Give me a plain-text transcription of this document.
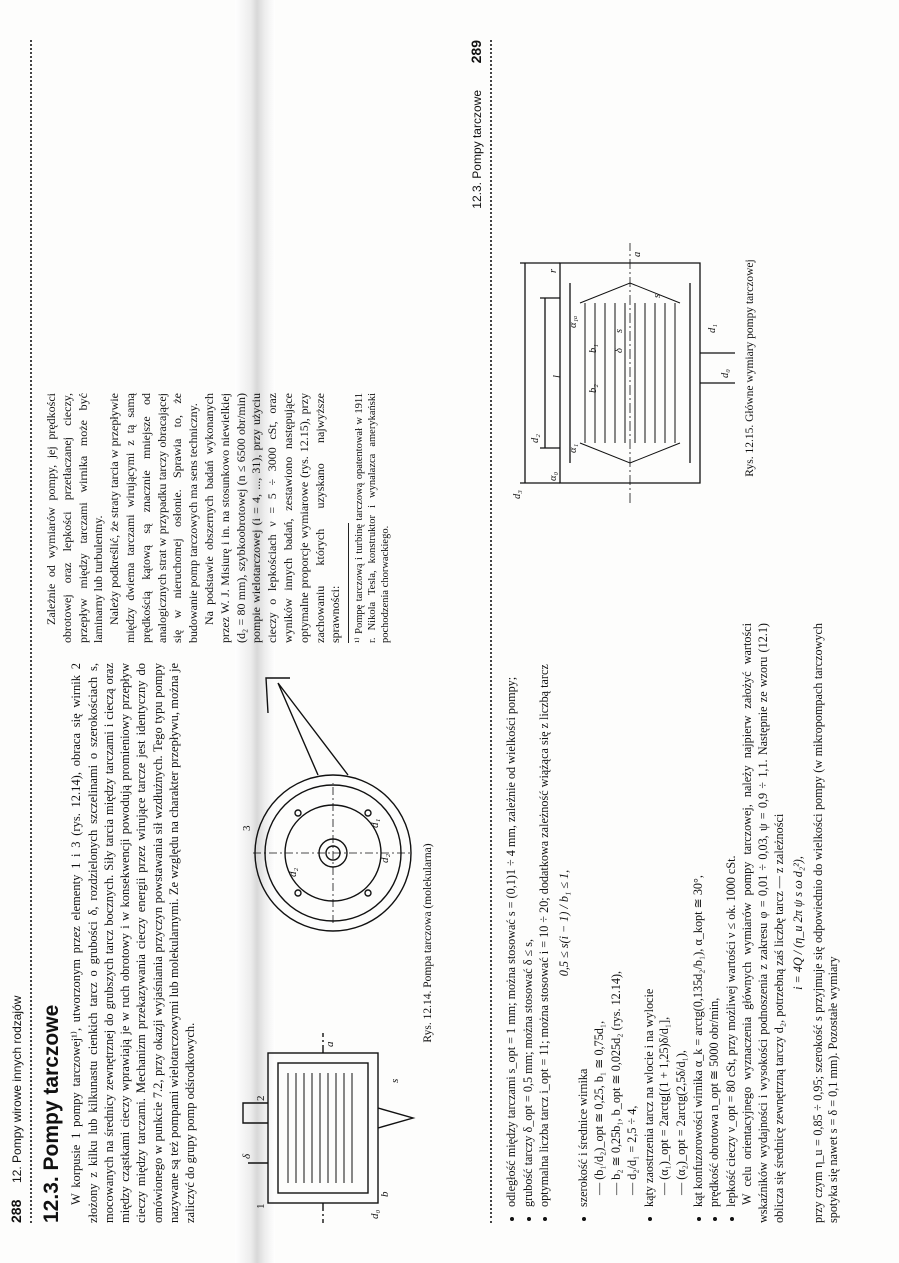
288
12. Pompy wirowe innych rodzajów 12.3. Pompy tarczowe W korpusie 1 pompy tarczowej¹⁾, utworzonym przez elementy 1 i 3 (rys. 12.14), obraca się wirnik 2 złożony z kilku lub kilkunastu cienkich tarcz o grubości δ, rozdzielonych szczelinami o szerokościach s, mocowanych na średnicy zewnętrznej do grubszych tarcz bocznych. Siły tarcia między tarczami i cieczą oraz między cząstkami cieczy wprawiają je w ruch obrotowy i w konsekwencji powodują promieniowy przepływ cieczy między tarczami. Mechanizm przekazywania cieczy energii przez wirujące tarcze jest identyczny do omówionego w punkcie 7.2, przy okazji wyjaśniania przyczyn powstawania sił wzdłużnych. Tego typu pompy nazywane są też pompami wielotarczowymi lub molekularnymi. Ze względu na charakter przepływu, można je zaliczyć do grupy pomp odśrodkowych.	1
2
3
b
δ
a
d₂
s
d₁
d₂
d₀
Rys. 12.14. Pompa tarczowa (molekularna)

Zależnie od wymiarów pompy, jej prędkości obrotowej oraz lepkości przetłaczanej cieczy, przepływ między tarczami wirnika może być laminarny lub turbulentny. Należy podkreślić, że straty tarcia w przepływie między dwiema tarczami wirującymi z tą samą prędkością kątową są znacznie mniejsze od analogicznych strat w przypadku tarczy obracającej się w nieruchomej osłonie. Sprawia to, że budowanie pomp tarczowych ma sens techniczny. Na podstawie obszernych badań wykonanych przez W. J. Misiurę i in. na stosunkowo niewielkiej (d₂ = 80 mm), szybkoobrotowej (n ≤ 6500 obr/min) pompie wielotarczowej (i = 4, ..., 31), przy użyciu cieczy o lepkościach ν = 5 ÷ 3000 cSt, oraz wyników innych badań, zestawiono następujące optymalne proporcje wymiarowe (rys. 12.15), przy zachowaniu których uzyskano najwyższe sprawności: ¹⁾ Pompę tarczową i turbinę tarczową opatentował w 1911 r. Nikola Tesla, konstruktor i wynalazca amerykański pochodzenia chorwackiego.
12.3. Pompy tarczowe
289
α₀
α₁
l
r
b₂
b₁ δ
s
α₁ₐ
d₃
d₂
d₁
d₀
a
s	Rys. 12.15. Główne wymiary pompy tarczowej
• odległość między tarczami s_opt = 1 mm; można stosować s = (0,1)1 ÷ 4 mm, zależnie od wielkości pompy; • grubość tarczy δ_opt = 0,5 mm; można stosować δ ≤ s, • optymalna liczba tarcz i_opt = 11; można stosować i = 10 ÷ 20; dodatkowa zależność wiążąca się z liczbą tarcz 0,5 ≤ s(i − 1) / b₁ ≤ 1,
• szerokość i średnice wirnika — (b₁/d₂)_opt ≅ 0,25, b₁ ≅ 0,75d₁,
— b₂ ≅ 0,25b₁, b_opt ≅ 0,025d₂ (rys. 12.14),
— d₂/d₁ = 2,5 ÷ 4, • kąty zaostrzenia tarcz na wlocie i na wylocie — (α₁)_opt = 2arctg[(1 + 1,25)δ/d₁],
— (α₂)_opt = 2arctg(2,5δ/d₁), • kąt konfuzorowości wirnika α_k = arctg(0,135d₂/b₁), α_kopt ≅ 30°, • prędkość obrotowa n_opt ≅ 5000 obr/min, • lepkość cieczy ν_opt = 80 cSt, przy możliwej wartości ν ≤ ok. 1000 cSt. W celu orientacyjnego wyznaczenia głównych wymiarów pompy tarczowej, należy najpierw założyć wartości wskaźników wydajności i wysokości podnoszenia z zakresu φ = 0,01 ÷ 0,03, ψ = 0,9 ÷ 1,1. Następnie ze wzoru (12.1) oblicza się średnicę zewnętrzną tarczy d₂, potrzebną zaś liczbę tarcz — z zależności i = 4Q / (η_u 2π ψ s ω d₂²), przy czym η_u = 0,85 ÷ 0,95; szerokość s przyjmuje się odpowiednio do wielkości pompy (w mikropompach tarczowych spotyka się nawet s = δ = 0,1 mm). Pozostałe wymiary
